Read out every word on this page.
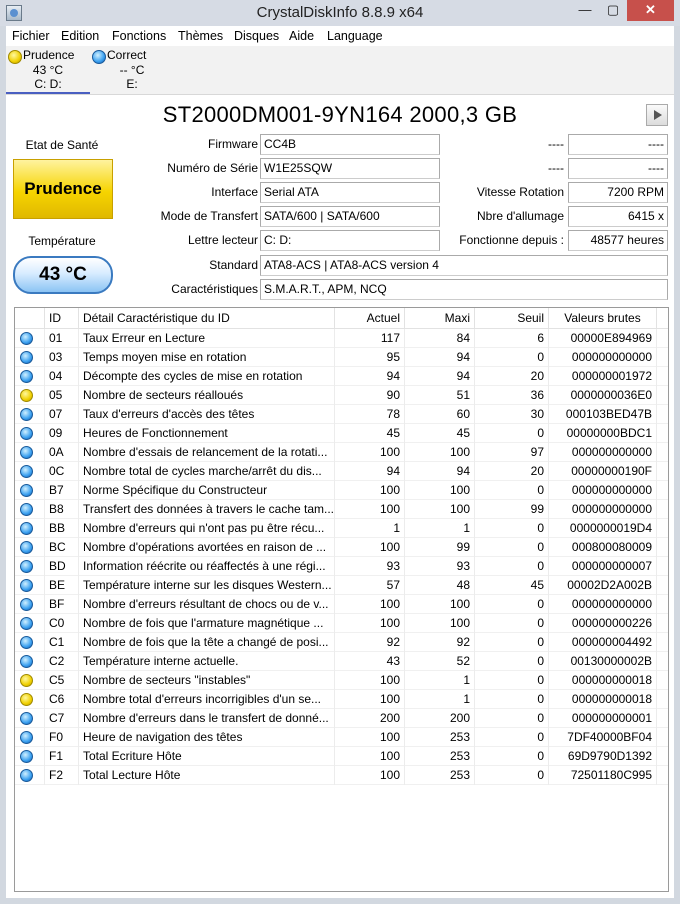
CrystalDiskInfo 8.8.9 x64	—	▢	✕
Fichier Edition Fonctions Thèmes Disques Aide Language
Prudence
43 °C
C: D:
Correct
-- °C
E:
ST2000DM001-9YN164 2000,3 GB
Etat de Santé
Prudence
Température
43 °C
Firmware CC4B
Numéro de Série W1E25SQW
Interface Serial ATA
Mode de Transfert SATA/600 | SATA/600
Lettre lecteur C: D:
Standard ATA8-ACS | ATA8-ACS version 4
Caractéristiques S.M.A.R.T., APM, NCQ
----	----
----	----
Vitesse Rotation	7200 RPM
Nbre d'allumage	6415 x
Fonctionne depuis :	48577 heures
ID	Détail Caractéristique du ID	Actuel	Maxi	Seuil	Valeurs brutes
01	Taux Erreur en Lecture	117	84	6	00000E894969
03	Temps moyen mise en rotation	95	94	0	000000000000
04	Décompte des cycles de mise en rotation	94	94	20	000000001972
05	Nombre de secteurs réalloués	90	51	36	0000000036E0
07	Taux d'erreurs d'accès des têtes	78	60	30	000103BED47B
09	Heures de Fonctionnement	45	45	0	00000000BDC1
0A	Nombre d'essais de relancement de la rotati...	100	100	97	000000000000
0C	Nombre total de cycles marche/arrêt du dis...	94	94	20	00000000190F
B7	Norme Spécifique du Constructeur	100	100	0	000000000000
B8	Transfert des données à travers le cache tam...	100	100	99	000000000000
BB	Nombre d'erreurs qui n'ont pas pu être récu...	1	1	0	0000000019D4
BC	Nombre d'opérations avortées en raison de ...	100	99	0	000800080009
BD	Information réécrite ou réaffectés à une régi...	93	93	0	000000000007
BE	Température interne sur les disques Western...	57	48	45	00002D2A002B
BF	Nombre d'erreurs résultant de chocs ou de v...	100	100	0	000000000000
C0	Nombre de fois que l'armature magnétique ...	100	100	0	000000000226
C1	Nombre de fois que la tête a changé de posi...	92	92	0	000000004492
C2	Température interne actuelle.	43	52	0	00130000002B
C5	Nombre de secteurs "instables"	100	1	0	000000000018
C6	Nombre total d'erreurs incorrigibles d'un se...	100	1	0	000000000018
C7	Nombre d'erreurs dans le transfert de donné...	200	200	0	000000000001
F0	Heure de navigation des têtes	100	253	0	7DF40000BF04
F1	Total Ecriture Hôte	100	253	0	69D9790D1392
F2	Total Lecture Hôte	100	253	0	72501180C995
